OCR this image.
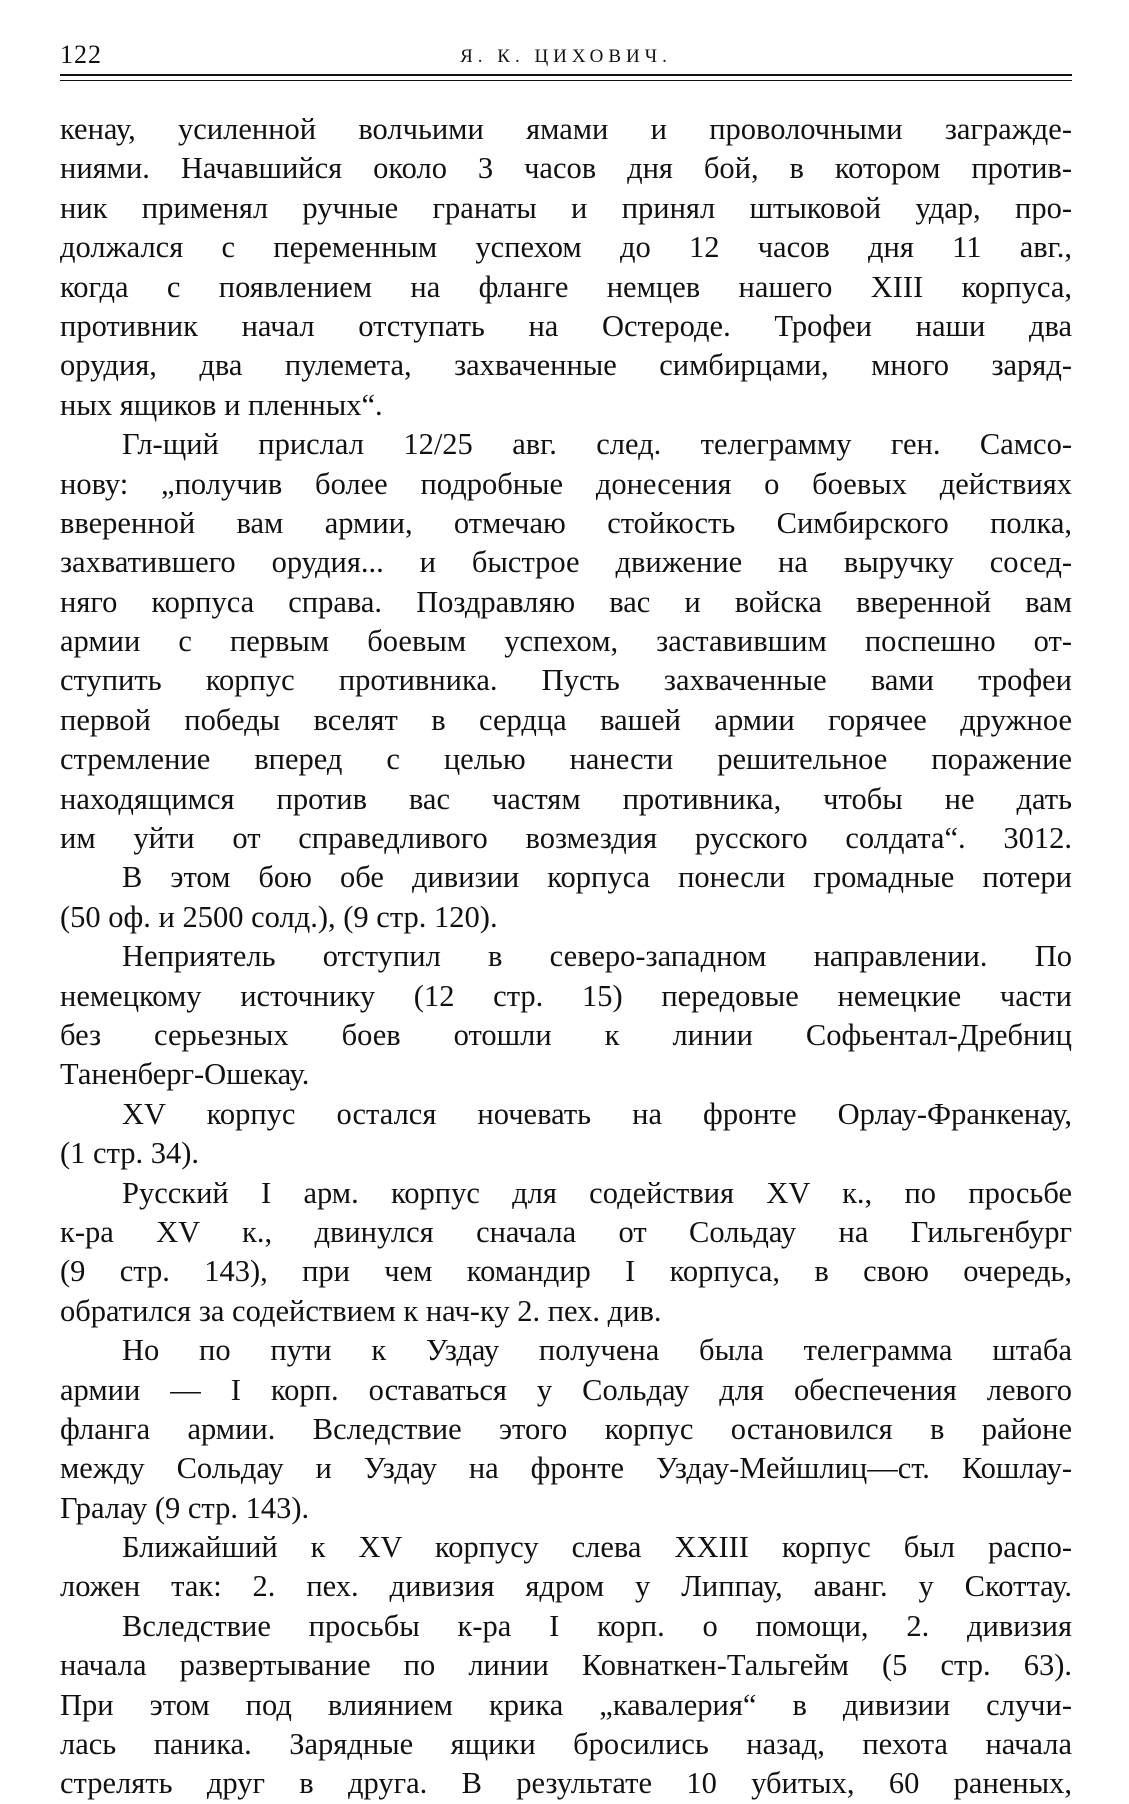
122	Я. К. ЦИХОВИЧ.
кенау, усиленной волчьими ямами и проволочными загражде-
ниями. Начавшийся около 3 часов дня бой, в котором против-
ник применял ручные гранаты и принял штыковой удар, про-
должался с переменным успехом до 12 часов дня 11 авг.,
когда с появлением на фланге немцев нашего XIII корпуса,
противник начал отступать на Остероде. Трофеи наши два
орудия, два пулемета, захваченные симбирцами, много заряд-
ных ящиков и пленных“.
Гл-щий прислал 12/25 авг. след. телеграмму ген. Самсо-
нову: „получив более подробные донесения о боевых действиях
вверенной вам армии, отмечаю стойкость Симбирского полка,
захватившего орудия... и быстрое движение на выручку сосед-
няго корпуса справа. Поздравляю вас и войска вверенной вам
армии с первым боевым успехом, заставившим поспешно от-
ступить корпус противника. Пусть захваченные вами трофеи
первой победы вселят в сердца вашей армии горячее дружное
стремление вперед с целью нанести решительное поражение
находящимся против вас частям противника, чтобы не дать
им уйти от справедливого возмездия русского солдата“. 3012.
В этом бою обе дивизии корпуса понесли громадные потери
(50 оф. и 2500 солд.), (9 стр. 120).
Неприятель отступил в северо-западном направлении. По
немецкому источнику (12 стр. 15) передовые немецкие части
без серьезных боев отошли к линии Софьентал-Дребниц
Таненберг-Ошекау.
XV корпус остался ночевать на фронте Орлау-Франкенау,
(1 стр. 34).
Русский I арм. корпус для содействия XV к., по просьбе
к-ра XV к., двинулся сначала от Сольдау на Гильгенбург
(9 стр. 143), при чем командир I корпуса, в свою очередь,
обратился за содействием к нач-ку 2. пех. див.
Но по пути к Уздау получена была телеграмма штаба
армии — I корп. оставаться у Сольдау для обеспечения левого
фланга армии. Вследствие этого корпус остановился в районе
между Сольдау и Уздау на фронте Уздау-Мейшлиц—ст. Кошлау-
Гралау (9 стр. 143).
Ближайший к XV корпусу слева XXIII корпус был распо-
ложен так: 2. пех. дивизия ядром у Липпау, аванг. у Скоттау.
Вследствие просьбы к-ра I корп. о помощи, 2. дивизия
начала развертывание по линии Ковнаткен-Тальгейм (5 стр. 63).
При этом под влиянием крика „кавалерия“ в дивизии случи-
лась паника. Зарядные ящики бросились назад, пехота начала
стрелять друг в друга. В результате 10 убитых, 60 раненых,
